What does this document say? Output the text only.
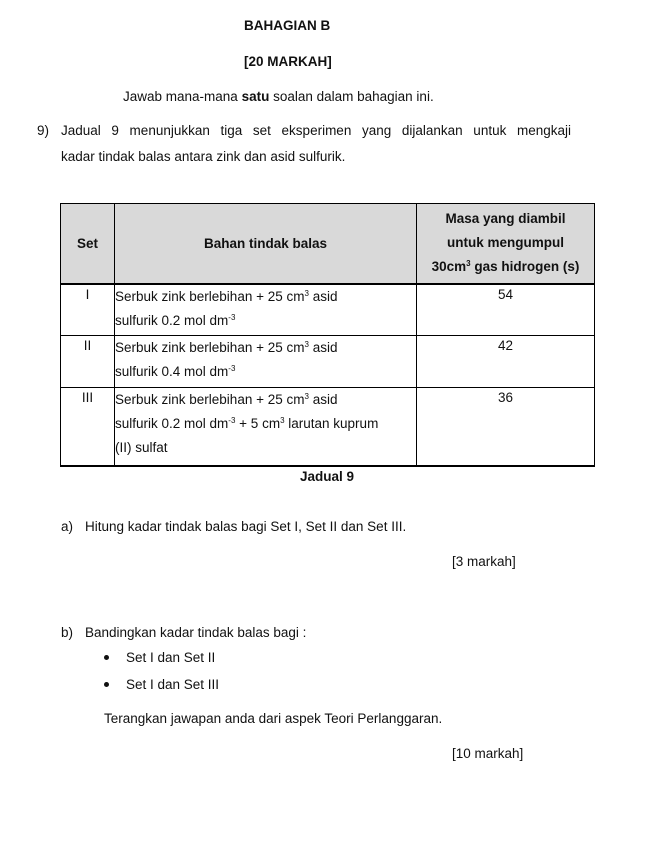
BAHAGIAN B
[20 MARKAH]
Jawab mana-mana satu soalan dalam bahagian ini.
9) Jadual 9 menunjukkan tiga set eksperimen yang dijalankan untuk mengkaji
kadar tindak balas antara zink dan asid sulfurik.
Set	Bahan tindak balas	Masa yang diambil
untuk mengumpul
$30cm^3$ gas hidrogen (s)

I	Serbuk zink berlebihan + 25 $cm^3$ asid
sulfurik 0.2 mol $dm^{-3}$	54
II	Serbuk zink berlebihan + 25 $cm^3$ asid
sulfurik 0.4 mol $dm^{-3}$	42
III	Serbuk zink berlebihan + 25 $cm^3$ asid
sulfurik 0.2 mol $dm^{-3} + 5$ $cm^3$ larutan kuprum
(II) sulfat	36
Jadual 9
a) Hitung kadar tindak balas bagi Set I, Set II dan Set III.
[3 markah]
b) Bandingkan kadar tindak balas bagi :
Set I dan Set II
Set I dan Set III
Terangkan jawapan anda dari aspek Teori Perlanggaran.
[10 markah]
